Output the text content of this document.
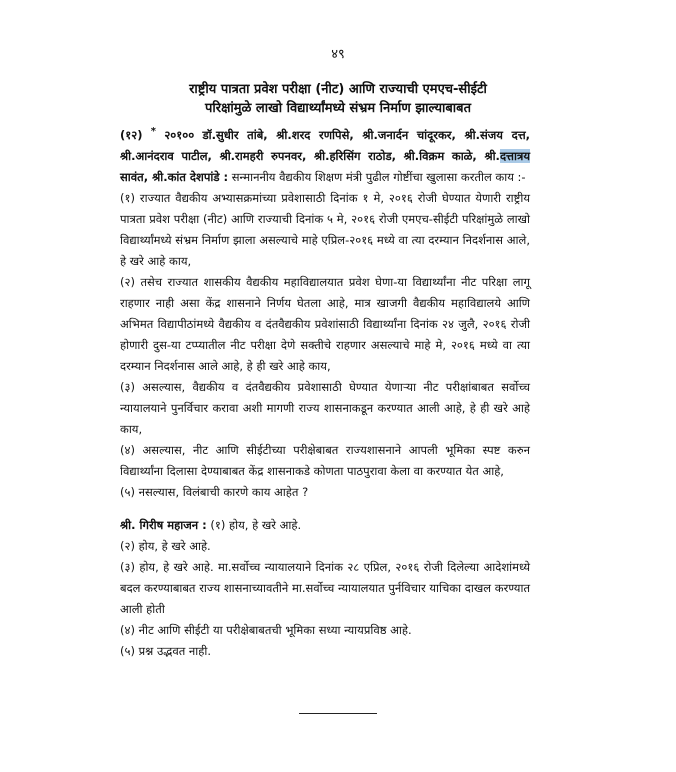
४९
राष्ट्रीय पात्रता प्रवेश परीक्षा (नीट) आणि राज्याची एमएच-सीईटी
परिक्षांमुळे लाखो विद्यार्थ्यांमध्ये संभ्रम निर्माण झाल्याबाबत

(१२) * २०१०० डॉ.सुधीर तांबे, श्री.शरद रणपिसे, श्री.जनार्दन चांदूरकर, श्री.संजय दत्त, श्री.आनंदराव पाटील, श्री.रामहरी रुपनवर, श्री.हरिसिंग राठोड, श्री.विक्रम काळे, श्री.दत्तात्रय सावंत, श्री.कांत देशपांडे : सन्माननीय वैद्यकीय शिक्षण मंत्री पुढील गोष्टींचा खुलासा करतील काय :-

(१) राज्यात वैद्यकीय अभ्यासक्रमांच्या प्रवेशासाठी दिनांक १ मे, २०१६ रोजी घेण्यात येणारी राष्ट्रीय पात्रता प्रवेश परीक्षा (नीट) आणि राज्याची दिनांक ५ मे, २०१६ रोजी एमएच-सीईटी परिक्षांमुळे लाखो विद्यार्थ्यांमध्ये संभ्रम निर्माण झाला असल्याचे माहे एप्रिल-२०१६ मध्ये वा त्या दरम्यान निदर्शनास आले, हे खरे आहे काय,

(२) तसेच राज्यात शासकीय वैद्यकीय महाविद्यालयात प्रवेश घेणा-या विद्यार्थ्यांना नीट परिक्षा लागू राहणार नाही असा केंद्र शासनाने निर्णय घेतला आहे, मात्र खाजगी वैद्यकीय महाविद्यालये आणि अभिमत विद्यापीठांमध्ये वैद्यकीय व दंतवैद्यकीय प्रवेशांसाठी विद्यार्थ्यांना दिनांक २४ जुलै, २०१६ रोजी होणारी दुस-या टप्प्यातील नीट परीक्षा देणे सक्तीचे राहणार असल्याचे माहे मे, २०१६ मध्ये वा त्या दरम्यान निदर्शनास आले आहे, हे ही खरे आहे काय,

(३) असल्यास, वैद्यकीय व दंतवैद्यकीय प्रवेशासाठी घेण्यात येणाऱ्या नीट परीक्षांबाबत सर्वोच्च न्यायालयाने पुनर्विचार करावा अशी मागणी राज्य शासनाकडून करण्यात आली आहे, हे ही खरे आहे काय,

(४) असल्यास, नीट आणि सीईटीच्या परीक्षेबाबत राज्यशासनाने आपली भूमिका स्पष्ट करुन विद्यार्थ्यांना दिलासा देण्याबाबत केंद्र शासनाकडे कोणता पाठपुरावा केला वा करण्यात येत आहे,

(५) नसल्यास, विलंबाची कारणे काय आहेत ?

श्री. गिरीष महाजन : (१) होय, हे खरे आहे.

(२) होय, हे खरे आहे.

(३) होय, हे खरे आहे. मा.सर्वोच्च न्यायालयाने दिनांक २८ एप्रिल, २०१६ रोजी दिलेल्या आदेशांमध्ये बदल करण्याबाबत राज्य शासनाच्यावतीने मा.सर्वोच्च न्यायालयात पुर्नविचार याचिका दाखल करण्यात आली होती

(४) नीट आणि सीईटी या परीक्षेबाबतची भूमिका सध्या न्यायप्रविष्ठ आहे.

(५) प्रश्न उद्भवत नाही.
